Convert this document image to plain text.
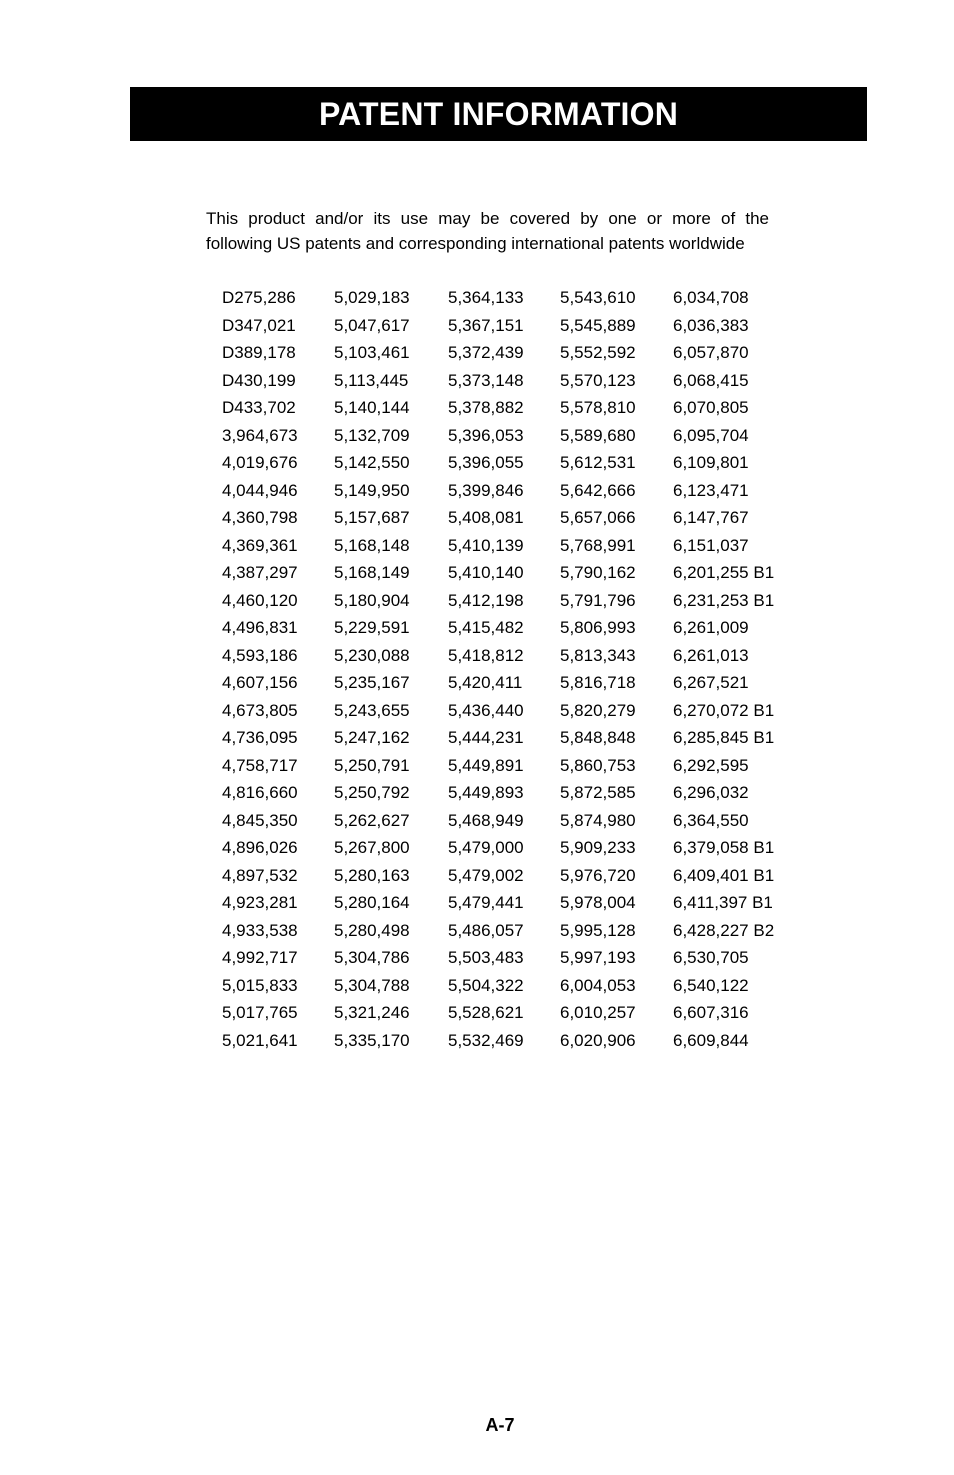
PATENT INFORMATION

This product and/or its use may be covered by one or more of the following US patents and corresponding international patents worldwide

D275,286 5,029,183 5,364,133 5,543,610 6,034,708
D347,021 5,047,617 5,367,151 5,545,889 6,036,383
D389,178 5,103,461 5,372,439 5,552,592 6,057,870
D430,199 5,113,445 5,373,148 5,570,123 6,068,415
D433,702 5,140,144 5,378,882 5,578,810 6,070,805
3,964,673 5,132,709 5,396,053 5,589,680 6,095,704
4,019,676 5,142,550 5,396,055 5,612,531 6,109,801
4,044,946 5,149,950 5,399,846 5,642,666 6,123,471
4,360,798 5,157,687 5,408,081 5,657,066 6,147,767
4,369,361 5,168,148 5,410,139 5,768,991 6,151,037
4,387,297 5,168,149 5,410,140 5,790,162 6,201,255 B1
4,460,120 5,180,904 5,412,198 5,791,796 6,231,253 B1
4,496,831 5,229,591 5,415,482 5,806,993 6,261,009
4,593,186 5,230,088 5,418,812 5,813,343 6,261,013
4,607,156 5,235,167 5,420,411 5,816,718 6,267,521
4,673,805 5,243,655 5,436,440 5,820,279 6,270,072 B1
4,736,095 5,247,162 5,444,231 5,848,848 6,285,845 B1
4,758,717 5,250,791 5,449,891 5,860,753 6,292,595
4,816,660 5,250,792 5,449,893 5,872,585 6,296,032
4,845,350 5,262,627 5,468,949 5,874,980 6,364,550
4,896,026 5,267,800 5,479,000 5,909,233 6,379,058 B1
4,897,532 5,280,163 5,479,002 5,976,720 6,409,401 B1
4,923,281 5,280,164 5,479,441 5,978,004 6,411,397 B1
4,933,538 5,280,498 5,486,057 5,995,128 6,428,227 B2
4,992,717 5,304,786 5,503,483 5,997,193 6,530,705
5,015,833 5,304,788 5,504,322 6,004,053 6,540,122
5,017,765 5,321,246 5,528,621 6,010,257 6,607,316
5,021,641 5,335,170 5,532,469 6,020,906 6,609,844
A-7
